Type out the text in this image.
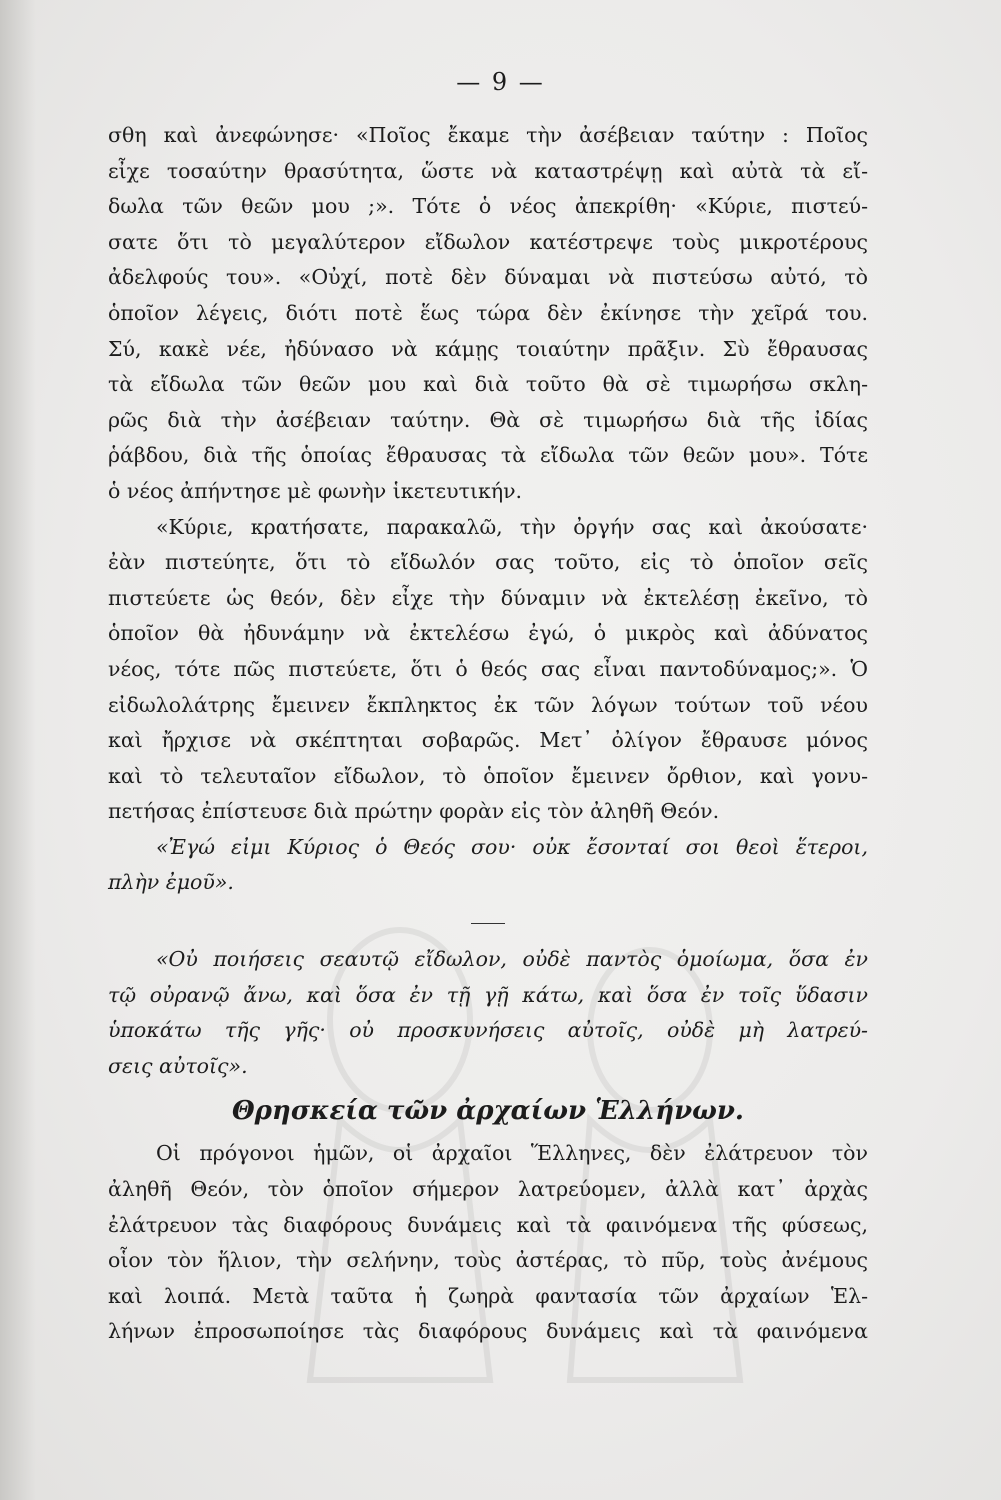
— 9 —
σθη καὶ ἀνεφώνησε· «Ποῖος ἔκαμε τὴν ἀσέβειαν ταύτην : Ποῖος
εἶχε τοσαύτην θρασύτητα, ὥστε νὰ καταστρέψῃ καὶ αὐτὰ τὰ εἴ-
δωλα τῶν θεῶν μου ;». Τότε ὁ νέος ἀπεκρίθη· «Κύριε, πιστεύ-
σατε ὅτι τὸ μεγαλύτερον εἴδωλον κατέστρεψε τοὺς μικροτέρους
ἀδελφούς του». «Οὐχί, ποτὲ δὲν δύναμαι νὰ πιστεύσω αὐτό, τὸ
ὁποῖον λέγεις, διότι ποτὲ ἕως τώρα δὲν ἐκίνησε τὴν χεῖρά του.
Σύ, κακὲ νέε, ἠδύνασο νὰ κάμῃς τοιαύτην πρᾶξιν. Σὺ ἔθραυσας
τὰ εἴδωλα τῶν θεῶν μου καὶ διὰ τοῦτο θὰ σὲ τιμωρήσω σκλη-
ρῶς διὰ τὴν ἀσέβειαν ταύτην. Θὰ σὲ τιμωρήσω διὰ τῆς ἰδίας
ῥάβδου, διὰ τῆς ὁποίας ἔθραυσας τὰ εἴδωλα τῶν θεῶν μου». Τότε
ὁ νέος ἀπήντησε μὲ φωνὴν ἱκετευτικήν.
«Κύριε, κρατήσατε, παρακαλῶ, τὴν ὀργήν σας καὶ ἀκούσατε·
ἐὰν πιστεύητε, ὅτι τὸ εἴδωλόν σας τοῦτο, εἰς τὸ ὁποῖον σεῖς
πιστεύετε ὡς θεόν, δὲν εἶχε τὴν δύναμιν νὰ ἐκτελέσῃ ἐκεῖνο, τὸ
ὁποῖον θὰ ἠδυνάμην νὰ ἐκτελέσω ἐγώ, ὁ μικρὸς καὶ ἀδύνατος
νέος, τότε πῶς πιστεύετε, ὅτι ὁ θεός σας εἶναι παντοδύναμος;». Ὁ
εἰδωλολάτρης ἔμεινεν ἔκπληκτος ἐκ τῶν λόγων τούτων τοῦ νέου
καὶ ἤρχισε νὰ σκέπτηται σοβαρῶς. Μετ᾽ ὀλίγον ἔθραυσε μόνος
καὶ τὸ τελευταῖον εἴδωλον, τὸ ὁποῖον ἔμεινεν ὄρθιον, καὶ γονυ-
πετήσας ἐπίστευσε διὰ πρώτην φορὰν εἰς τὸν ἀληθῆ Θεόν.
«Ἐγώ εἰμι Κύριος ὁ Θεός σου· οὐκ ἔσονταί σοι θεοὶ ἕτεροι,
πλὴν ἐμοῦ».
«Οὐ ποιήσεις σεαυτῷ εἴδωλον, οὐδὲ παντὸς ὁμοίωμα, ὅσα ἐν
τῷ οὐρανῷ ἄνω, καὶ ὅσα ἐν τῇ γῇ κάτω, καὶ ὅσα ἐν τοῖς ὕδασιν
ὑποκάτω τῆς γῆς· οὐ προσκυνήσεις αὐτοῖς, οὐδὲ μὴ λατρεύ-
σεις αὐτοῖς».
Θρησκεία τῶν ἀρχαίων Ἑλλήνων.
Οἱ πρόγονοι ἡμῶν, οἱ ἀρχαῖοι Ἕλληνες, δὲν ἐλάτρευον τὸν
ἀληθῆ Θεόν, τὸν ὁποῖον σήμερον λατρεύομεν, ἀλλὰ κατ᾽ ἀρχὰς
ἐλάτρευον τὰς διαφόρους δυνάμεις καὶ τὰ φαινόμενα τῆς φύσεως,
οἷον τὸν ἥλιον, τὴν σελήνην, τοὺς ἀστέρας, τὸ πῦρ, τοὺς ἀνέμους
καὶ λοιπά. Μετὰ ταῦτα ἡ ζωηρὰ φαντασία τῶν ἀρχαίων Ἑλ-
λήνων ἐπροσωποίησε τὰς διαφόρους δυνάμεις καὶ τὰ φαινόμενα
